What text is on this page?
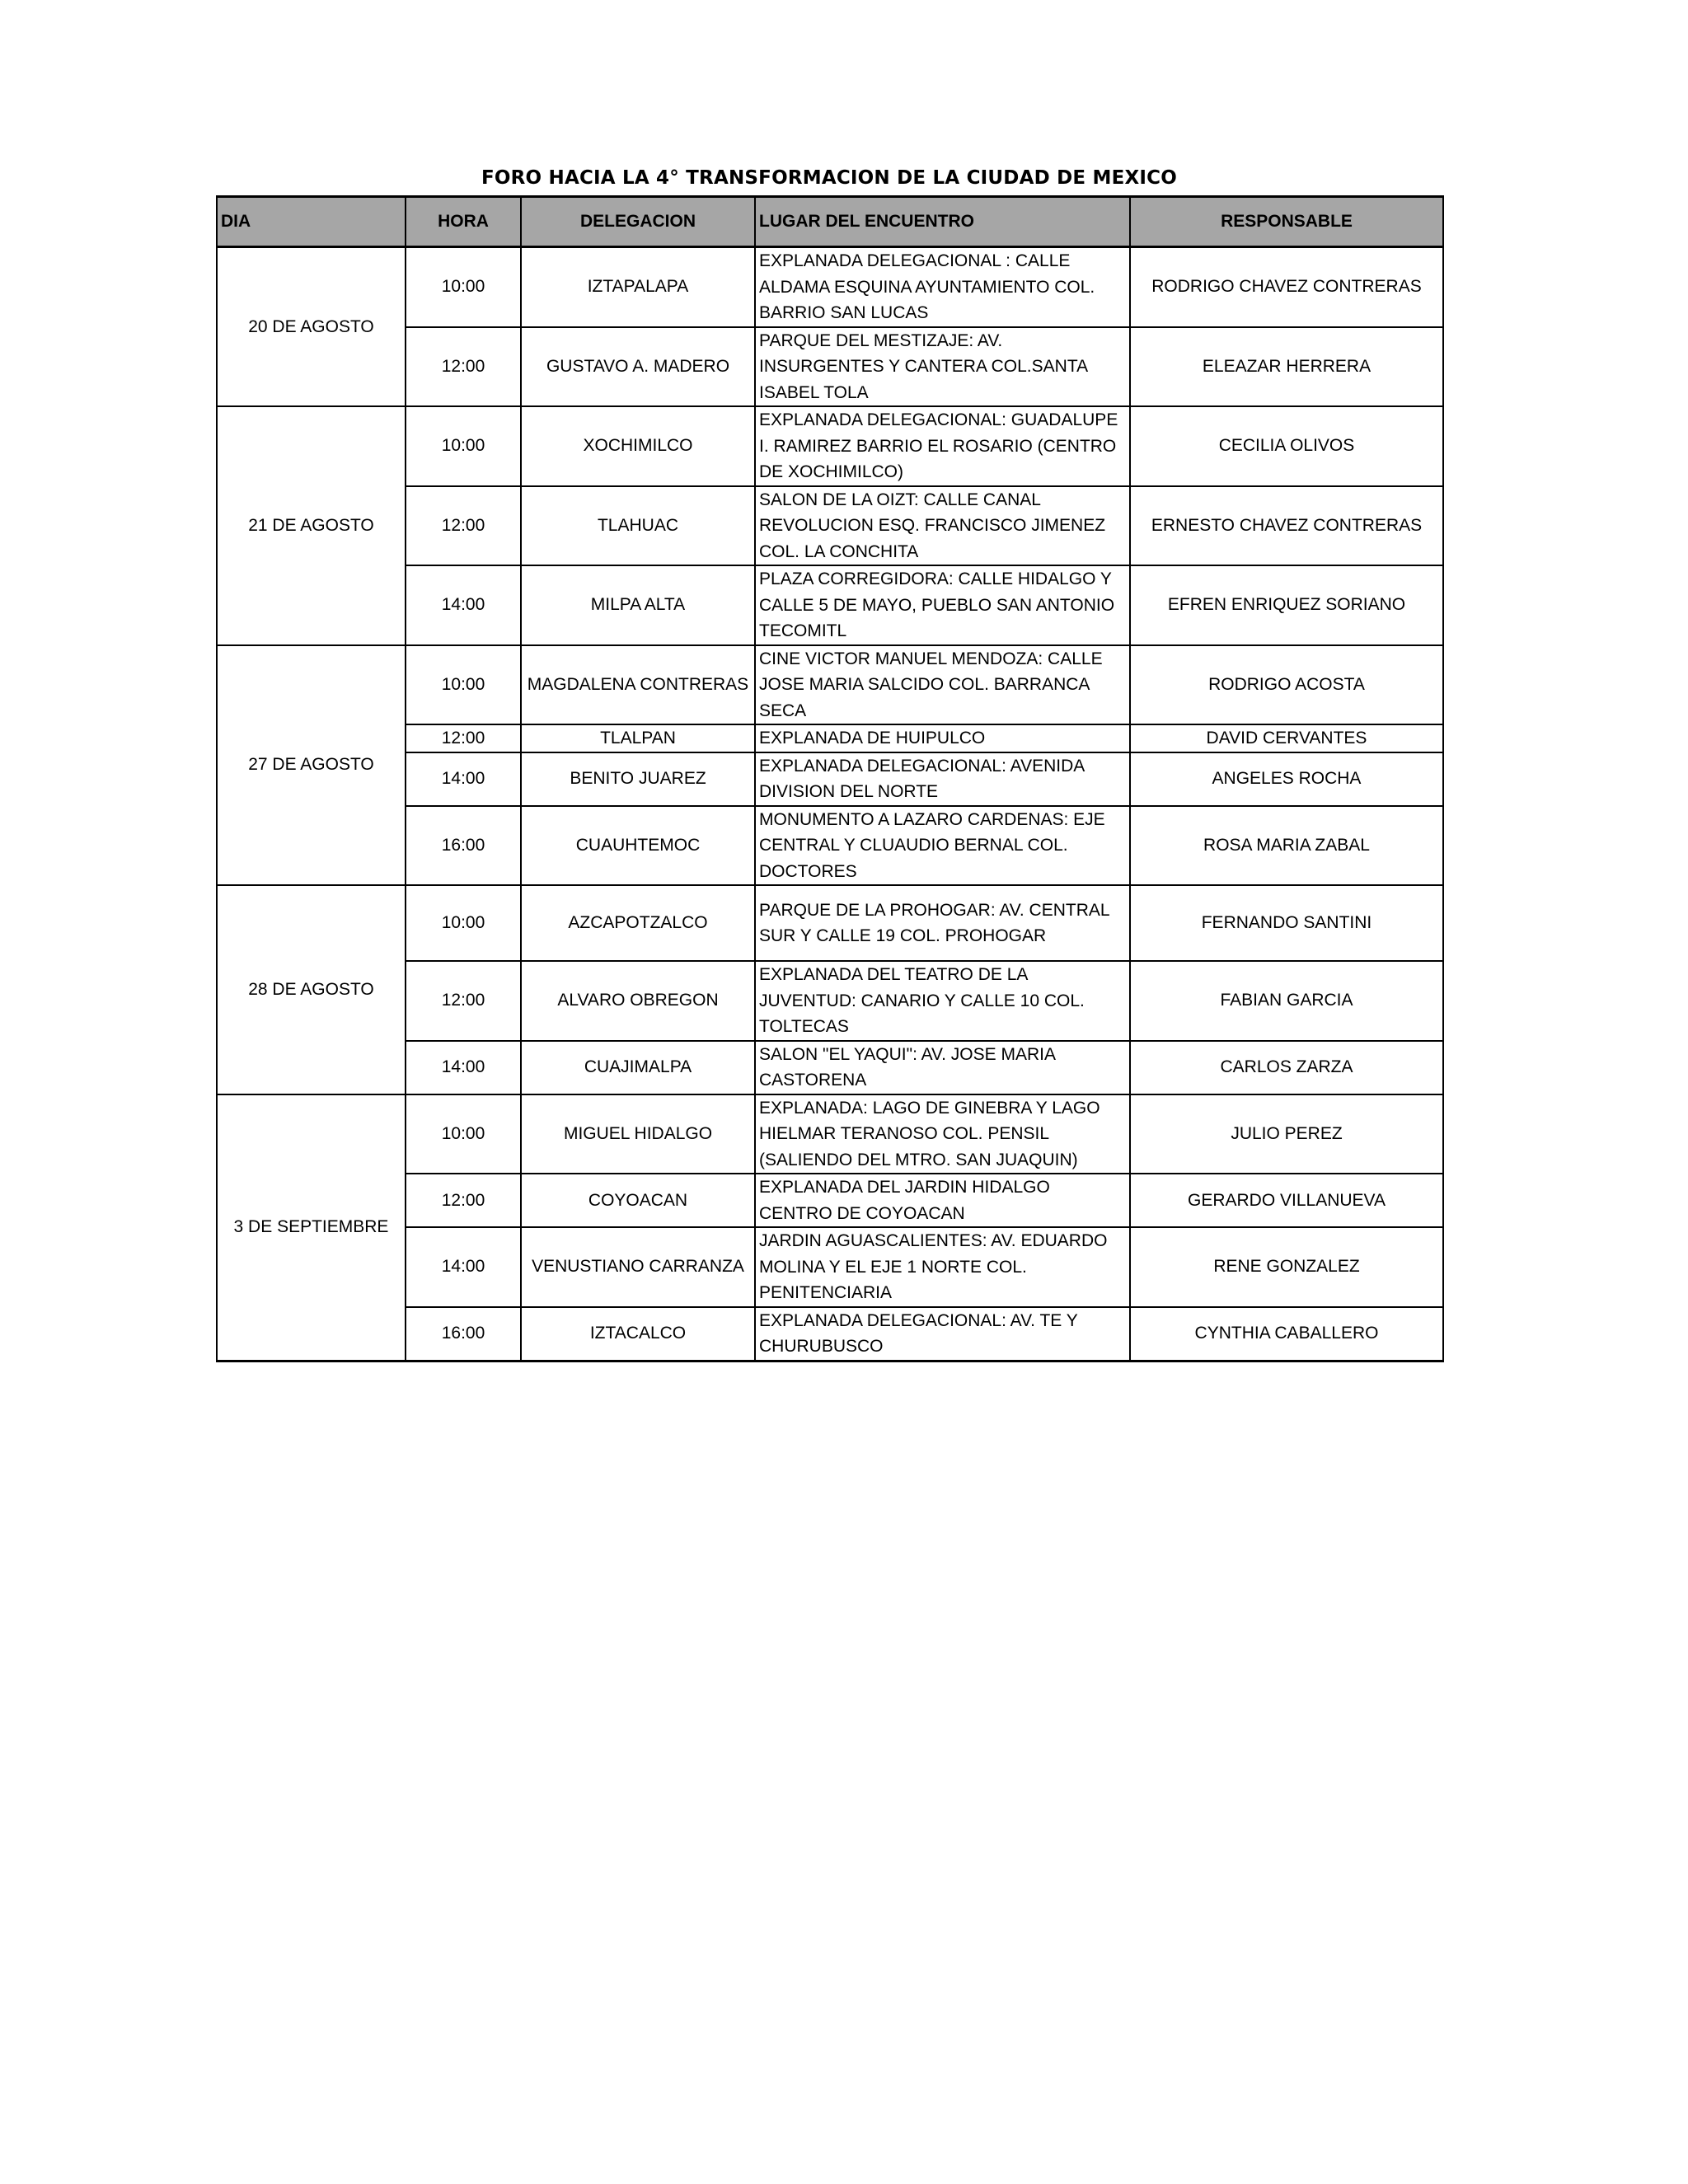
FORO HACIA LA 4° TRANSFORMACION DE LA CIUDAD DE MEXICO
DIA	HORA	DELEGACION	LUGAR DEL ENCUENTRO	RESPONSABLE
20 DE AGOSTO	10:00	IZTAPALAPA	EXPLANADA DELEGACIONAL : CALLE ALDAMA ESQUINA AYUNTAMIENTO COL. BARRIO SAN LUCAS	RODRIGO CHAVEZ CONTRERAS
	12:00	GUSTAVO A. MADERO	PARQUE DEL MESTIZAJE: AV. INSURGENTES Y CANTERA COL.SANTA ISABEL TOLA	ELEAZAR HERRERA
21 DE AGOSTO	10:00	XOCHIMILCO	EXPLANADA DELEGACIONAL: GUADALUPE I. RAMIREZ BARRIO EL ROSARIO (CENTRO DE XOCHIMILCO)	CECILIA OLIVOS
	12:00	TLAHUAC	SALON DE LA OIZT: CALLE CANAL REVOLUCION ESQ. FRANCISCO JIMENEZ COL. LA CONCHITA	ERNESTO CHAVEZ CONTRERAS
	14:00	MILPA ALTA	PLAZA CORREGIDORA: CALLE HIDALGO Y CALLE 5 DE MAYO, PUEBLO SAN ANTONIO TECOMITL	EFREN ENRIQUEZ SORIANO
27 DE AGOSTO	10:00	MAGDALENA CONTRERAS	CINE VICTOR MANUEL MENDOZA: CALLE JOSE MARIA SALCIDO COL. BARRANCA SECA	RODRIGO ACOSTA
	12:00	TLALPAN	EXPLANADA DE HUIPULCO	DAVID CERVANTES
	14:00	BENITO JUAREZ	EXPLANADA DELEGACIONAL: AVENIDA DIVISION DEL NORTE	ANGELES ROCHA
	16:00	CUAUHTEMOC	MONUMENTO A LAZARO CARDENAS: EJE CENTRAL Y CLUAUDIO BERNAL COL. DOCTORES	ROSA MARIA ZABAL
28 DE AGOSTO	10:00	AZCAPOTZALCO	PARQUE DE LA PROHOGAR: AV. CENTRAL SUR Y CALLE 19 COL. PROHOGAR	FERNANDO SANTINI
	12:00	ALVARO OBREGON	EXPLANADA DEL TEATRO DE LA JUVENTUD: CANARIO Y CALLE 10 COL. TOLTECAS	FABIAN GARCIA
	14:00	CUAJIMALPA	SALON "EL YAQUI": AV. JOSE MARIA CASTORENA	CARLOS ZARZA
3 DE SEPTIEMBRE	10:00	MIGUEL HIDALGO	EXPLANADA: LAGO DE GINEBRA Y LAGO HIELMAR TERANOSO COL. PENSIL (SALIENDO DEL MTRO. SAN JUAQUIN)	JULIO PEREZ
	12:00	COYOACAN	EXPLANADA DEL JARDIN HIDALGO CENTRO DE COYOACAN	GERARDO VILLANUEVA
	14:00	VENUSTIANO CARRANZA	JARDIN AGUASCALIENTES: AV. EDUARDO MOLINA Y EL EJE 1 NORTE COL. PENITENCIARIA	RENE GONZALEZ
	16:00	IZTACALCO	EXPLANADA DELEGACIONAL: AV. TE Y CHURUBUSCO	CYNTHIA CABALLERO
